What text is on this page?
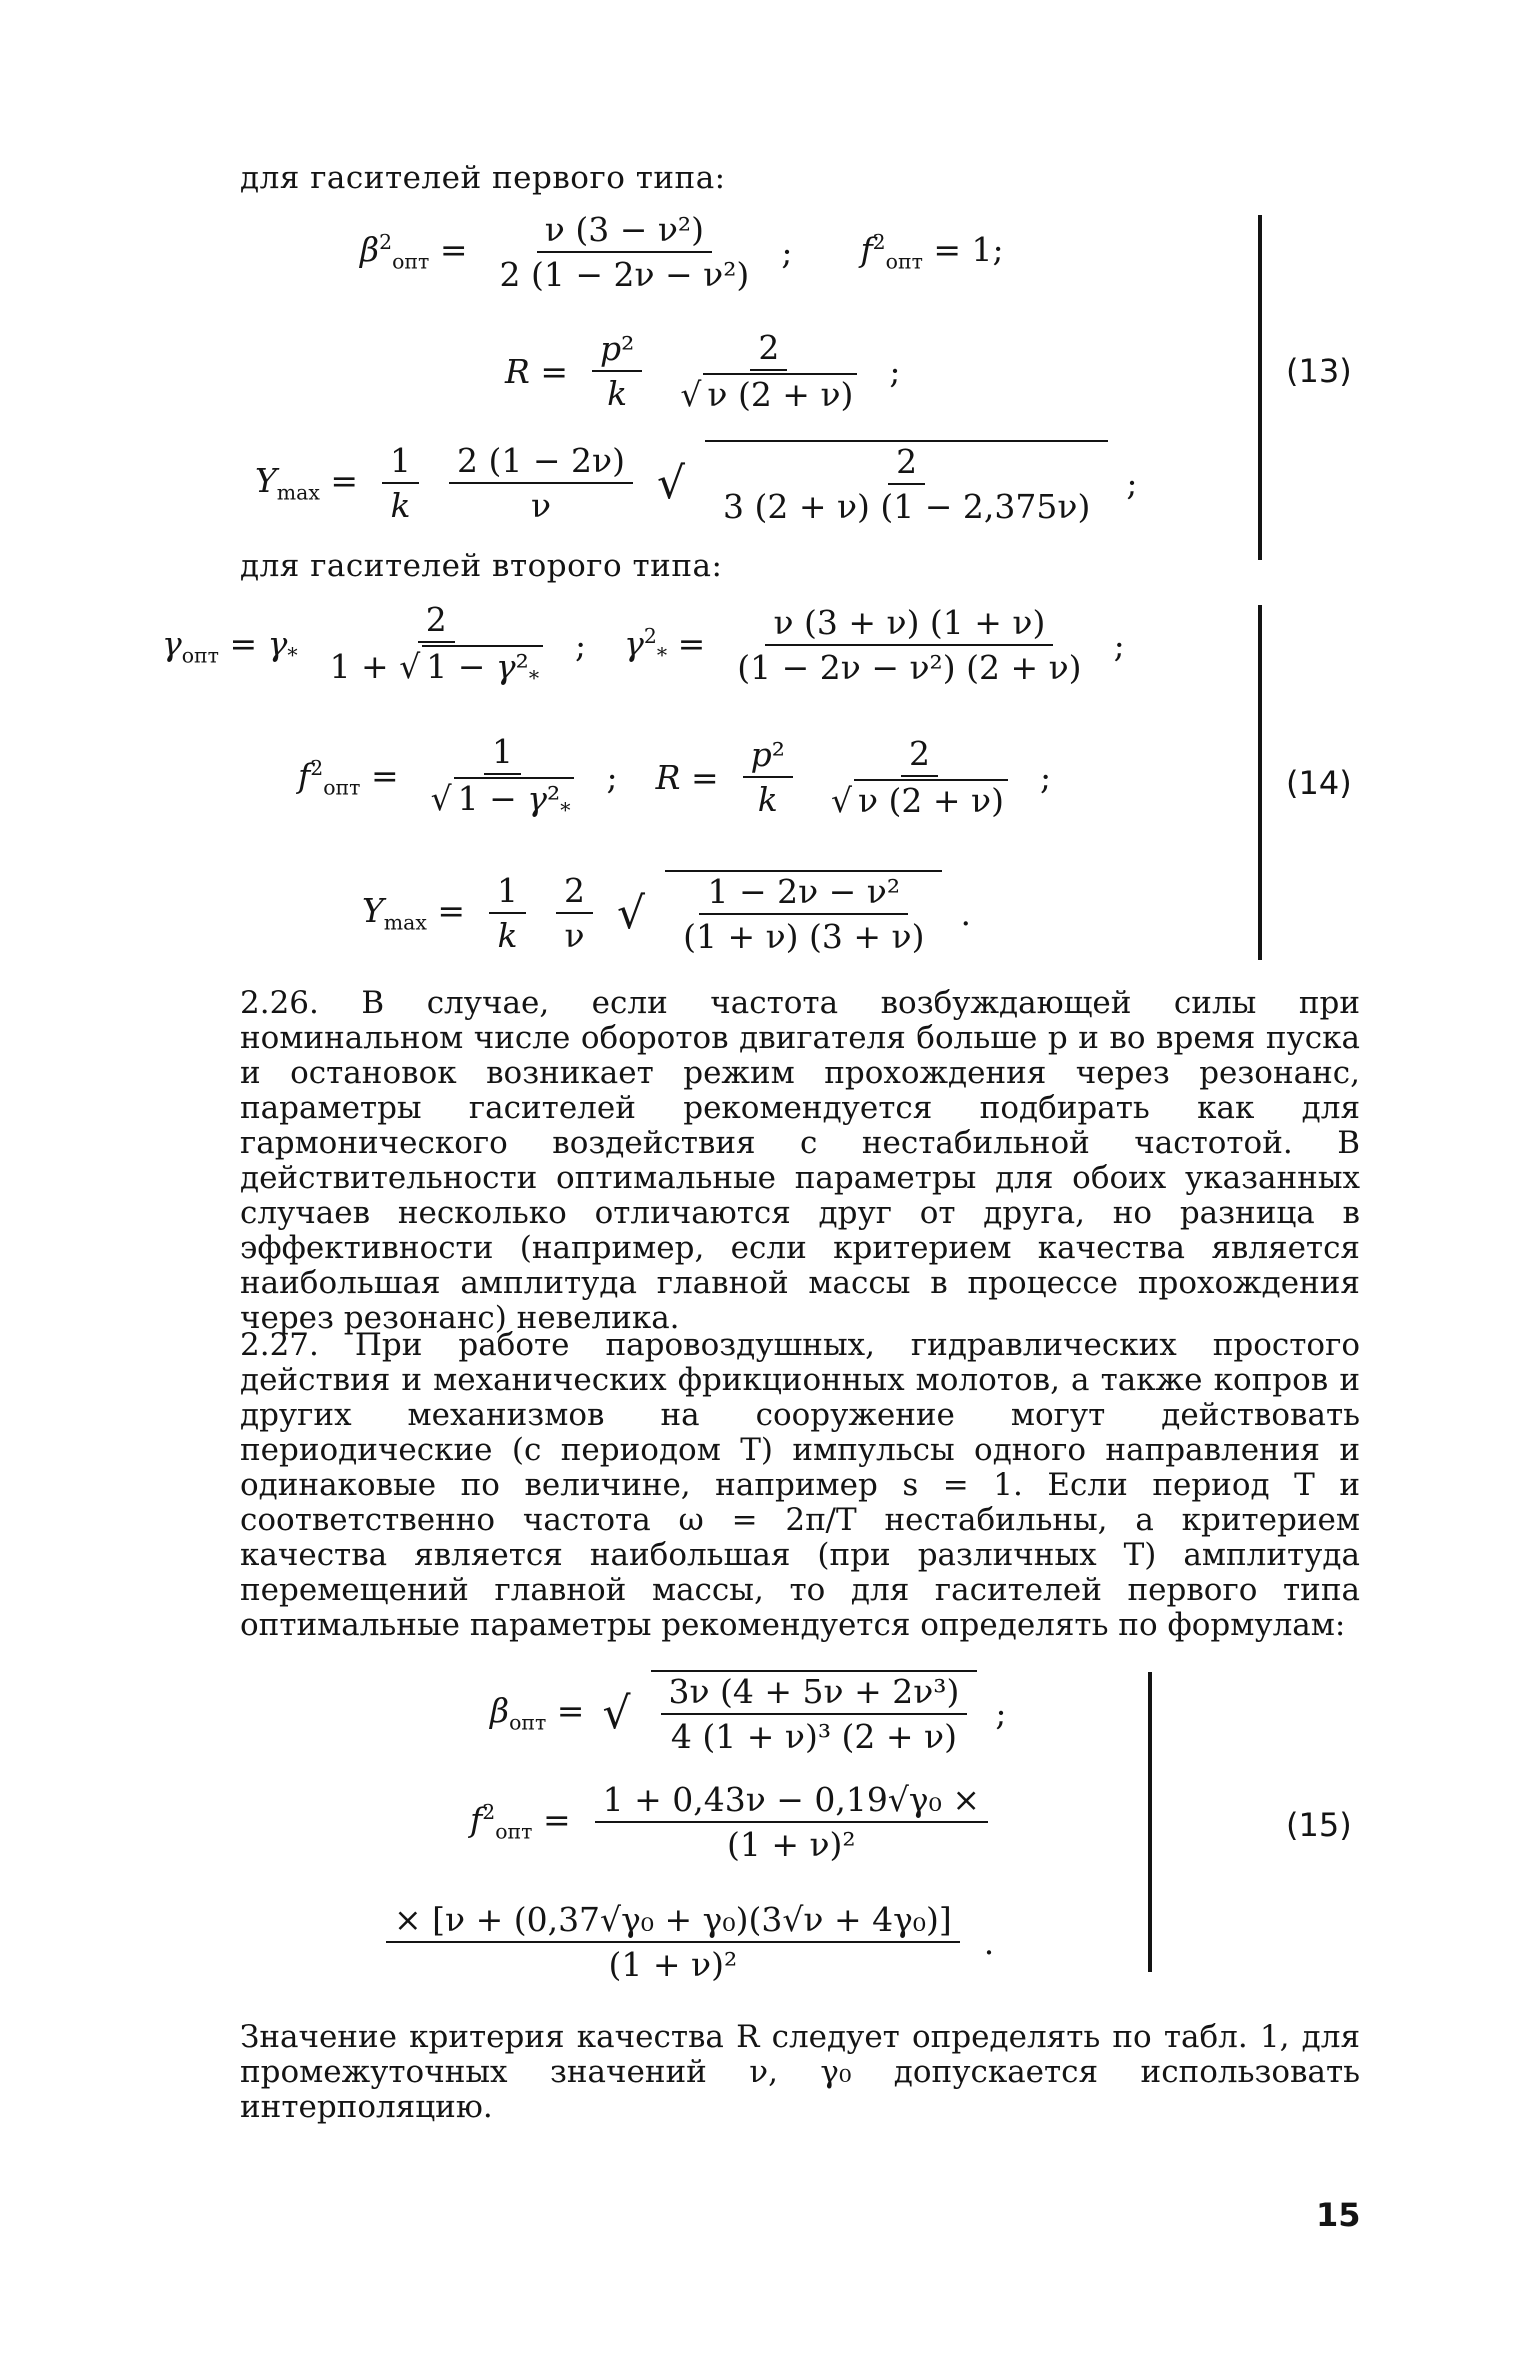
для гасителей первого типа:
$\beta^2_{опт} = \frac{\text{ν (3 − ν²)}}{\text{2 (1 − 2ν − ν²)}}$ ; $f^2_{опт} = 1$;
$R = \frac{\text{p²}}{k} \frac{2}{√ \nu (2 + \nu)}$ ;
$Y_{max} = \frac{1}{k} \frac{2 (1 - 2\nu)}{\nu}$ √ $\frac{2}{3 (2 + \nu) (1 - 2,375\nu)}$ ;
(13)
для гасителей второго типа:
$\gamma_{опт} = \gamma_* \frac{2}{1 + √ 1 - \gamma^2_*}$ ; $\gamma^2_* = \frac{\nu (3 + \nu) (1 + \nu)}{\text{(1 − 2ν − ν²) (2 + ν)}}$ ;
$f^2_{опт} = \frac{1}{√ 1 - \gamma^2_*}$ ; $R = \frac{\text{p²}}{k} \frac{2}{√ \nu (2 + \nu)}$ ;
$Y_{max} = \frac{1}{k} \frac{2}{\nu}$ √ $\frac{\text{1 − 2ν − ν²}}{(1 + \nu) (3 + \nu)}$ .
(14)

2.26. В случае, если частота возбуждающей силы при номинальном числе оборотов двигателя больше p и во время пуска и остановок возникает режим прохождения через резонанс, параметры гасителей рекомендуется подбирать как для гармонического воздействия с нестабильной частотой. В действительности оптимальные параметры для обоих указанных случаев несколько отличаются друг от друга, но разница в эффективности (например, если критерием качества является наибольшая амплитуда главной массы в процессе прохождения через резонанс) невелика.

2.27. При работе паровоздушных, гидравлических простого действия и механических фрикционных молотов, а также копров и других механизмов на сооружение могут действовать периодические (с периодом T) импульсы одного направления и одинаковые по величине, например s = 1. Если период T и соответственно частота ω = 2π/T нестабильны, а критерием качества является наибольшая (при различных T) амплитуда перемещений главной массы, то для гасителей первого типа оптимальные параметры рекомендуется определять по формулам:

$\beta_{опт}$ = √ $\frac{\text{3ν (4 + 5ν + 2ν³)}}{\text{4 (1 + ν)³ (2 + ν)}}$ ;
$f^2_{опт} = \frac{\text{1 + 0,43ν − 0,19√γ₀ ×}}{\text{(1 + ν)²}}$
$\frac{\text{× [ν + (0,37√γ₀ + γ₀)(3√ν + 4γ₀)]}}{\text{(1 + ν)²}}$ .
(15)

Значение критерия качества R следует определять по табл. 1, для промежуточных значений ν, γ₀ допускается использовать интерполяцию.

15
